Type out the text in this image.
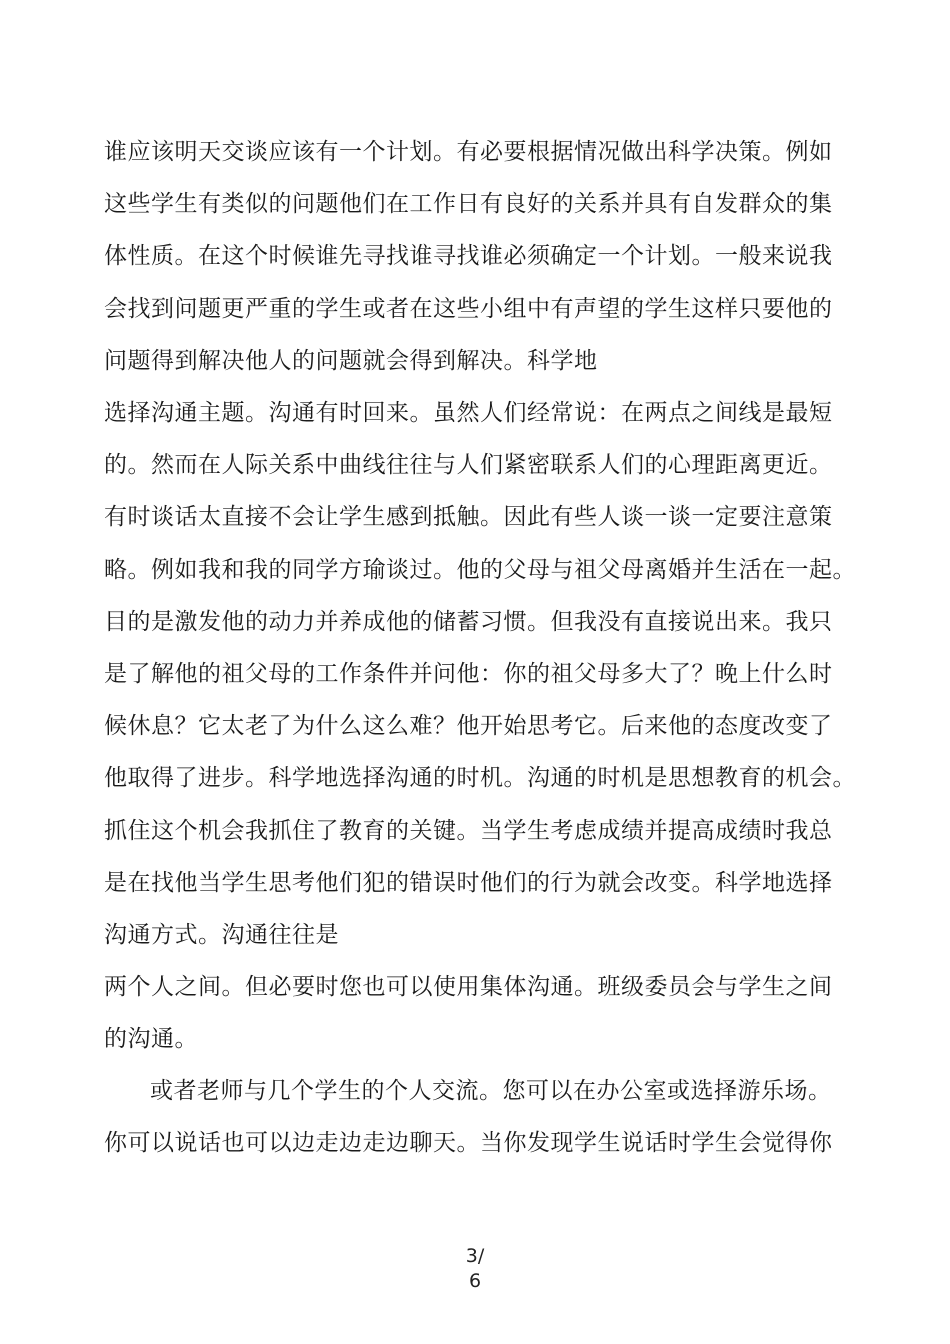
谁应该明天交谈应该有一个计划。有必要根据情况做出科学决策。例如
这些学生有类似的问题他们在工作日有良好的关系并具有自发群众的集
体性质。在这个时候谁先寻找谁寻找谁必须确定一个计划。一般来说我
会找到问题更严重的学生或者在这些小组中有声望的学生这样只要他的
问题得到解决他人的问题就会得到解决。科学地
选择沟通主题。沟通有时回来。虽然人们经常说：在两点之间线是最短
的。然而在人际关系中曲线往往与人们紧密联系人们的心理距离更近。
有时谈话太直接不会让学生感到抵触。因此有些人谈一谈一定要注意策
略。例如我和我的同学方瑜谈过。他的父母与祖父母离婚并生活在一起。
目的是激发他的动力并养成他的储蓄习惯。但我没有直接说出来。我只
是了解他的祖父母的工作条件并问他：你的祖父母多大了？晚上什么时
候休息？它太老了为什么这么难？他开始思考它。后来他的态度改变了
他取得了进步。科学地选择沟通的时机。沟通的时机是思想教育的机会。
抓住这个机会我抓住了教育的关键。当学生考虑成绩并提高成绩时我总
是在找他当学生思考他们犯的错误时他们的行为就会改变。科学地选择
沟通方式。沟通往往是
两个人之间。但必要时您也可以使用集体沟通。班级委员会与学生之间
的沟通。
或者老师与几个学生的个人交流。您可以在办公室或选择游乐场。
你可以说话也可以边走边走边聊天。当你发现学生说话时学生会觉得你
3/
6
